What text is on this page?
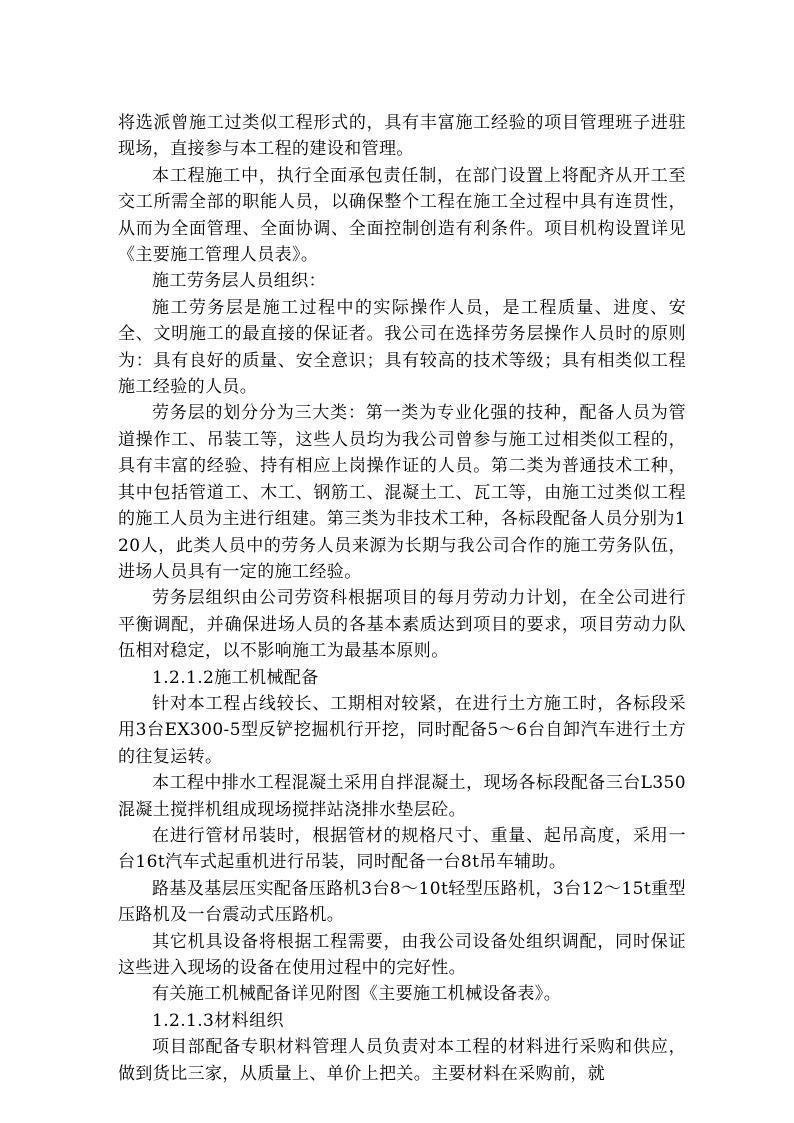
将选派曾施工过类似工程形式的，具有丰富施工经验的项目管理班子进驻现场，直接参与本工程的建设和管理。

本工程施工中，执行全面承包责任制，在部门设置上将配齐从开工至交工所需全部的职能人员，以确保整个工程在施工全过程中具有连贯性，从而为全面管理、全面协调、全面控制创造有利条件。项目机构设置详见《主要施工管理人员表》。

施工劳务层人员组织：

施工劳务层是施工过程中的实际操作人员，是工程质量、进度、安全、文明施工的最直接的保证者。我公司在选择劳务层操作人员时的原则为：具有良好的质量、安全意识；具有较高的技术等级；具有相类似工程施工经验的人员。

劳务层的划分分为三大类：第一类为专业化强的技种，配备人员为管道操作工、吊装工等，这些人员均为我公司曾参与施工过相类似工程的，具有丰富的经验、持有相应上岗操作证的人员。第二类为普通技术工种，其中包括管道工、木工、钢筋工、混凝土工、瓦工等，由施工过类似工程的施工人员为主进行组建。第三类为非技术工种，各标段配备人员分别为120人，此类人员中的劳务人员来源为长期与我公司合作的施工劳务队伍，进场人员具有一定的施工经验。

劳务层组织由公司劳资科根据项目的每月劳动力计划，在全公司进行平衡调配，并确保进场人员的各基本素质达到项目的要求，项目劳动力队伍相对稳定，以不影响施工为最基本原则。

1.2.1.2施工机械配备

针对本工程占线较长、工期相对较紧，在进行土方施工时，各标段采用3台EX300-5型反铲挖掘机行开挖，同时配备5～6台自卸汽车进行土方的往复运转。

本工程中排水工程混凝土采用自拌混凝土，现场各标段配备三台L350混凝土搅拌机组成现场搅拌站浇排水垫层砼。

在进行管材吊装时，根据管材的规格尺寸、重量、起吊高度，采用一台16t汽车式起重机进行吊装，同时配备一台8t吊车辅助。

路基及基层压实配备压路机3台8～10t轻型压路机，3台12～15t重型压路机及一台震动式压路机。

其它机具设备将根据工程需要，由我公司设备处组织调配，同时保证这些进入现场的设备在使用过程中的完好性。

有关施工机械配备详见附图《主要施工机械设备表》。

1.2.1.3材料组织

项目部配备专职材料管理人员负责对本工程的材料进行采购和供应，做到货比三家，从质量上、单价上把关。主要材料在采购前，就
